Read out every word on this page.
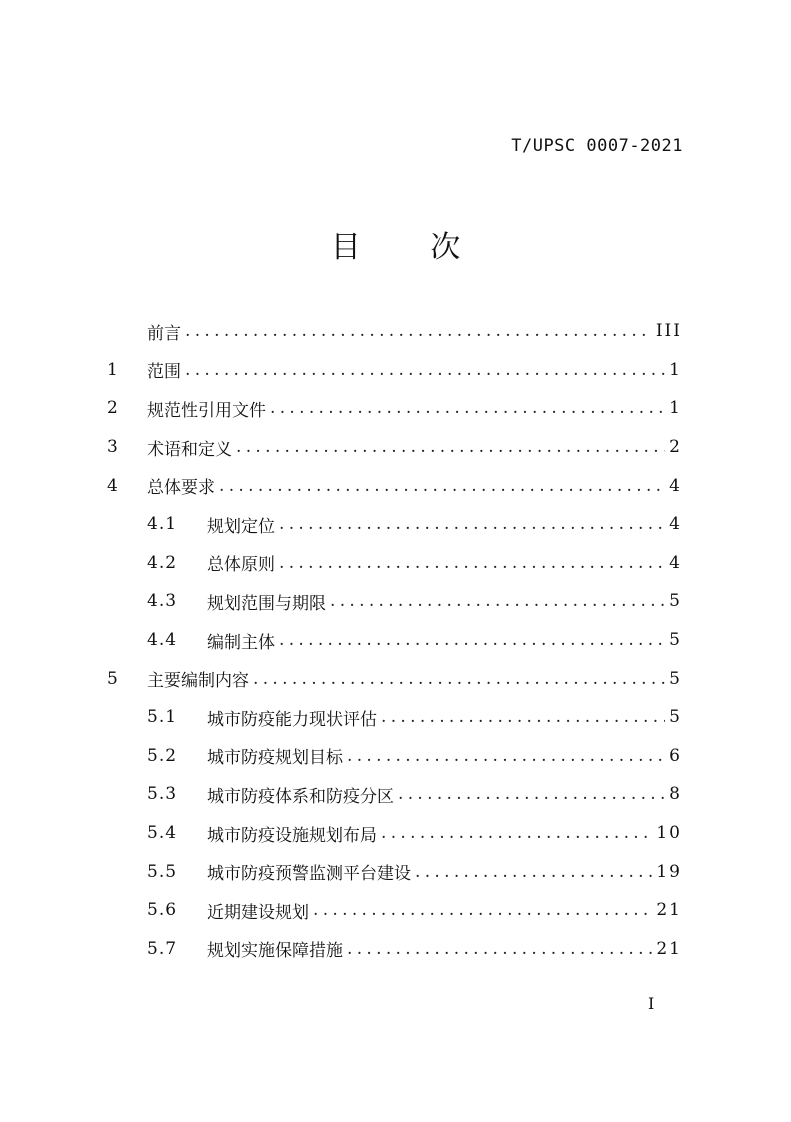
T/UPSC 0007-2021
目 次
前言 .....	III
1	范围 .....	1
2	规范性引用文件 .....	1
3	术语和定义 .....	2
4	总体要求 .....	4
4.1	规划定位 .....	4
4.2	总体原则 .....	4
4.3	规划范围与期限 .....	5
4.4	编制主体 .....	5
5	主要编制内容 .....	5
5.1	城市防疫能力现状评估 .....	5
5.2	城市防疫规划目标 .....	6
5.3	城市防疫体系和防疫分区 .....	8
5.4	城市防疫设施规划布局 .....	10
5.5	城市防疫预警监测平台建设 .....	19
5.6	近期建设规划 .....	21
5.7	规划实施保障措施 .....	21
I
